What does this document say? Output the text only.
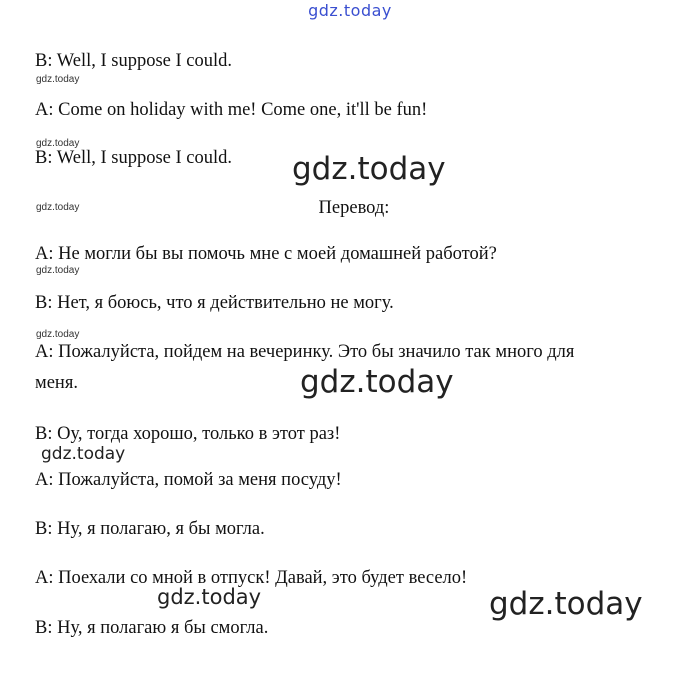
gdz.today
B: Well, I suppose I could.
gdz.today
A: Come on holiday with me! Come one, it'll be fun!
gdz.today
B: Well, I suppose I could. gdz.today
gdz.today	Перевод:
A: Не могли бы вы помочь мне с моей домашней работой?
gdz.today
B: Нет, я боюсь, что я действительно не могу.
gdz.today
A: Пожалуйста, пойдем на вечеринку. Это бы значило так много для
меня.	gdz.today
B: Оу, тогда хорошо, только в этот раз!
gdz.today
A: Пожалуйста, помой за меня посуду!
B: Ну, я полагаю, я бы могла.
A: Поехали со мной в отпуск! Давай, это будет весело!
gdz.today	gdz.today
B: Ну, я полагаю я бы смогла.
